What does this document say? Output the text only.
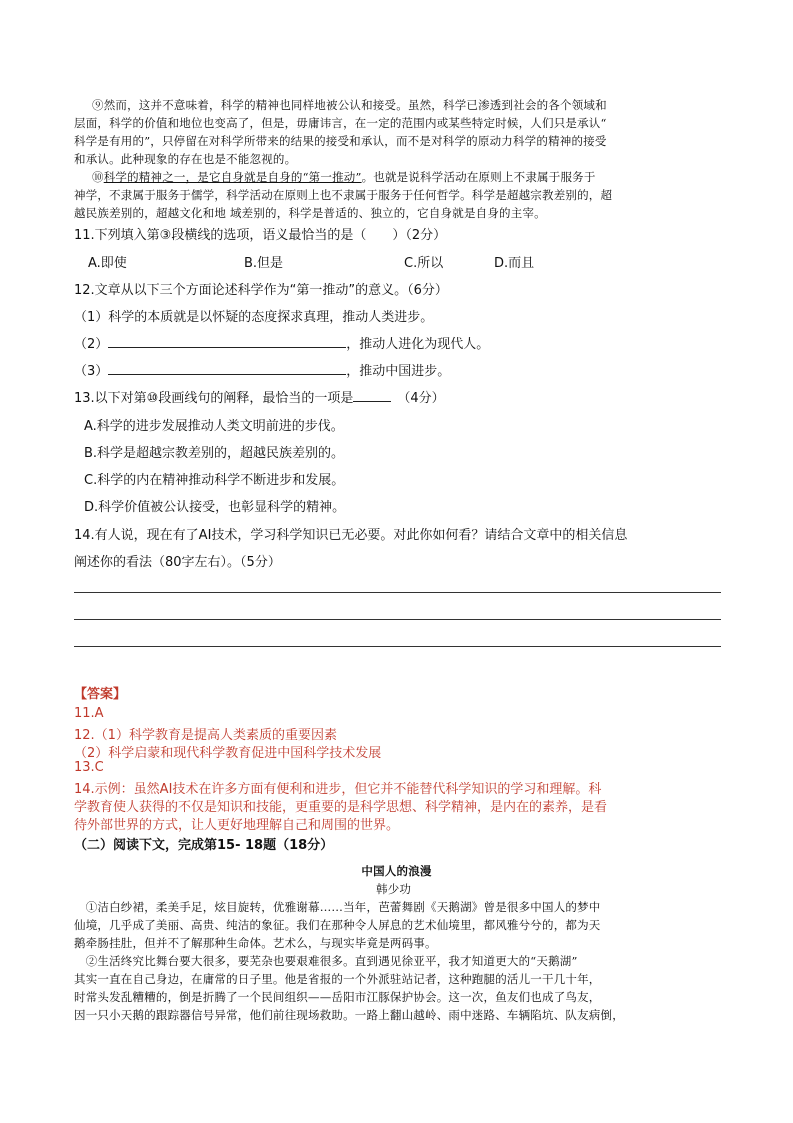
⑨然而，这并不意味着，科学的精神也同样地被公认和接受。虽然，科学已渗透到社会的各个领域和
层面，科学的价值和地位也变高了，但是，毋庸讳言，在一定的范围内或某些特定时候，人们只是承认“
科学是有用的”，只停留在对科学所带来的结果的接受和承认，而不是对科学的原动力科学的精神的接受
和承认。此种现象的存在也是不能忽视的。
⑩科学的精神之一，是它自身就是自身的“第一推动”。也就是说科学活动在原则上不隶属于服务于
神学，不隶属于服务于儒学，科学活动在原则上也不隶属于服务于任何哲学。科学是超越宗教差别的，超
越民族差别的，超越文化和地 域差别的，科学是普适的、独立的，它自身就是自身的主宰。
11.下列填入第③段横线的选项，语义最恰当的是（　　）（2分）
A.即使	B.但是	C.所以	D.而且
12.文章从以下三个方面论述科学作为“第一推动”的意义。（6分）
（1）科学的本质就是以怀疑的态度探求真理，推动人类进步。
（2）	，推动人进化为现代人。
（3）	，推动中国进步。
13.以下对第⑩段画线句的阐释，最恰当的一项是	（4分）
A.科学的进步发展推动人类文明前进的步伐。
B.科学是超越宗教差别的，超越民族差别的。
C.科学的内在精神推动科学不断进步和发展。
D.科学价值被公认接受，也彰显科学的精神。
14.有人说，现在有了AI技术，学习科学知识已无必要。对此你如何看？请结合文章中的相关信息
阐述你的看法（80字左右）。（5分）
【答案】
11.A
12.（1）科学教育是提高人类素质的重要因素
（2）科学启蒙和现代科学教育促进中国科学技术发展
13.C
14.示例：虽然AI技术在许多方面有便利和进步，但它并不能替代科学知识的学习和理解。科
学教育使人获得的不仅是知识和技能，更重要的是科学思想、科学精神，是内在的素养，是看
待外部世界的方式，让人更好地理解自己和周围的世界。
（二）阅读下文，完成第15- 18题（18分）
中国人的浪漫
韩少功
　①洁白纱裙，柔美手足，炫目旋转，优雅谢幕……当年，芭蕾舞剧《天鹅湖》曾是很多中国人的梦中
仙境，几乎成了美丽、高贵、纯洁的象征。我们在那种令人屏息的艺术仙境里，都风雅兮兮的，都为天
鹅牵肠挂肚，但并不了解那种生命体。艺术么，与现实毕竟是两码事。
　②生活终究比舞台要大很多，要芜杂也要艰难很多。直到遇见徐亚平，我才知道更大的“天鹅湖”
其实一直在自己身边，在庸常的日子里。他是省报的一个外派驻站记者，这种跑腿的活儿一干几十年，
时常头发乱糟糟的，倒是折腾了一个民间组织——岳阳市江豚保护协会。这一次，鱼友们也成了鸟友，
因一只小天鹅的跟踪器信号异常，他们前往现场救助。一路上翻山越岭、雨中迷路、车辆陷坑、队友病倒，
